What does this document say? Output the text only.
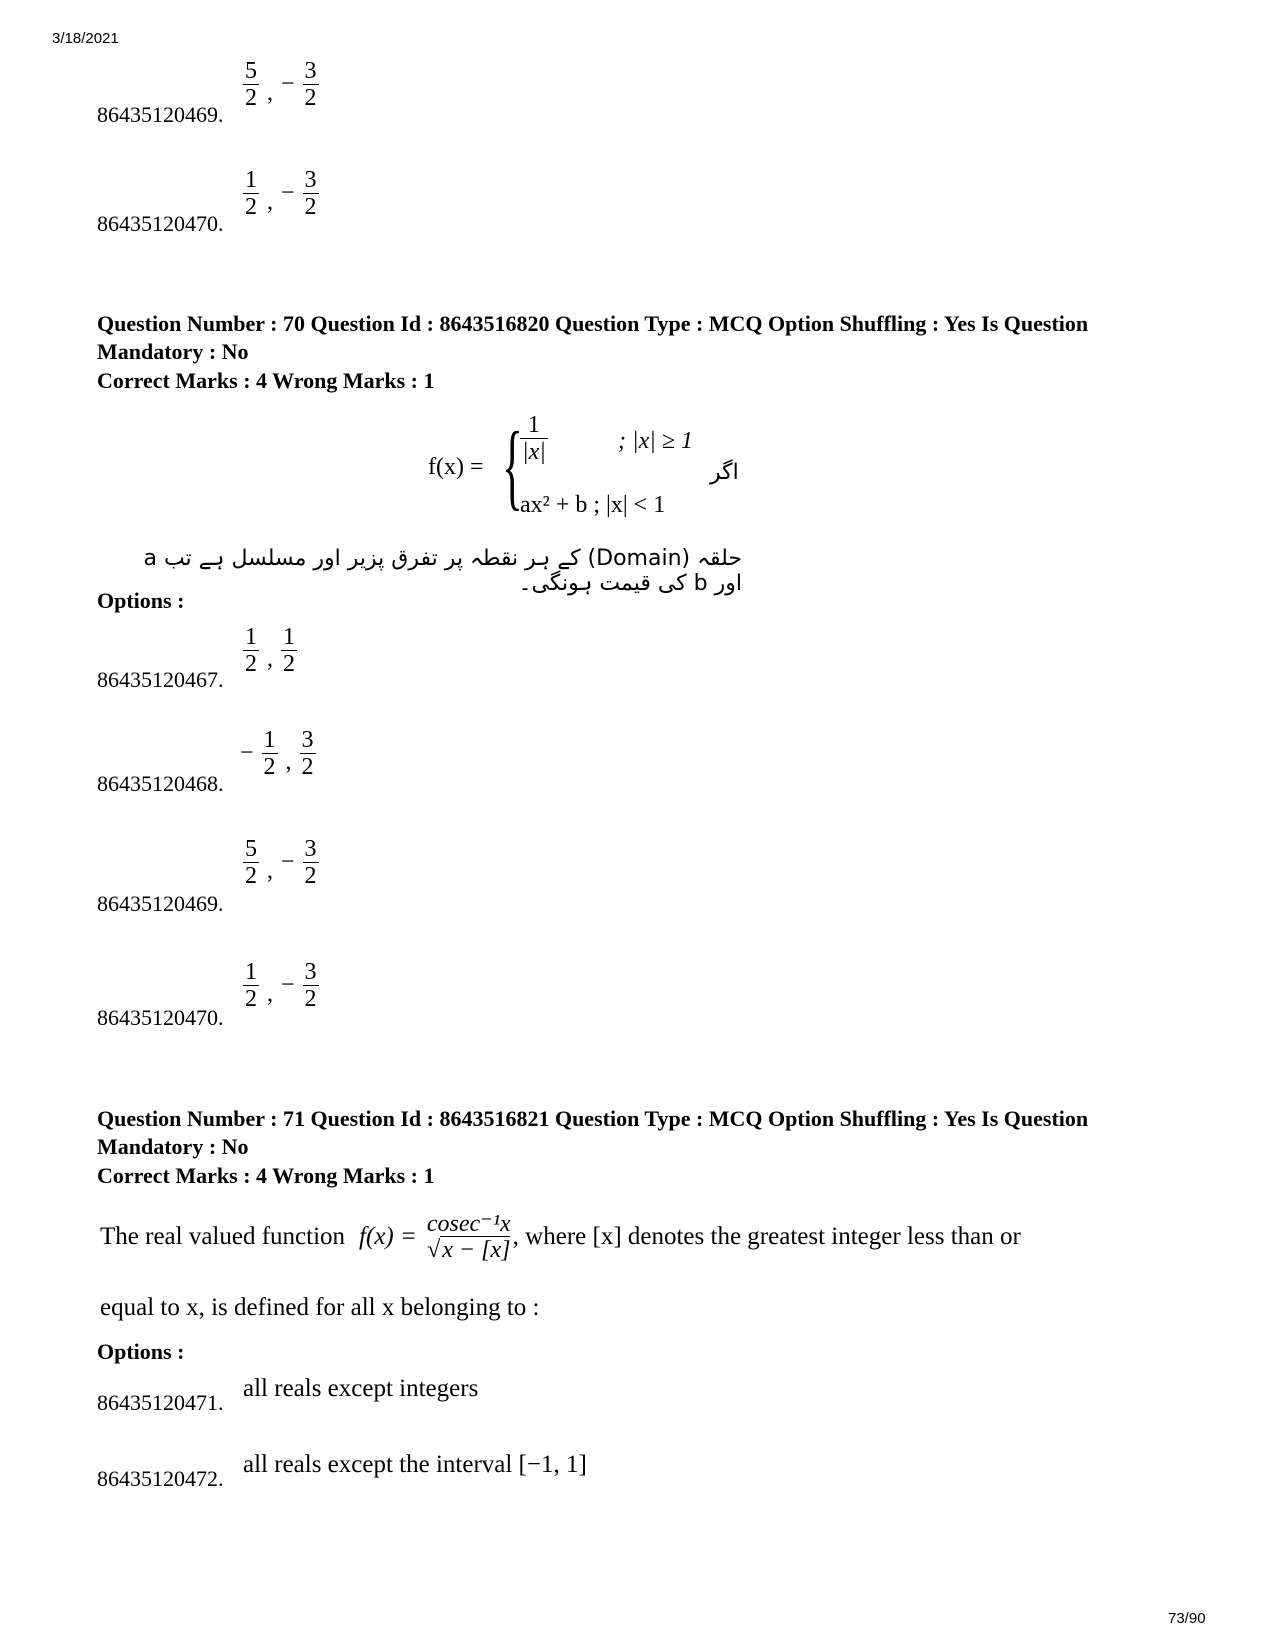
3/18/2021
73/90
86435120469.
$\frac{5}{2}$ , − $\frac{3}{2}$
86435120470.
$\frac{1}{2}$ , − $\frac{3}{2}$
Question Number : 70 Question Id : 8643516820 Question Type : MCQ Option Shuffling : Yes Is Question Mandatory : No
Correct Marks : 4 Wrong Marks : 1
f(x) = {
$\frac{1}{|x|}$	; |x| ≥ 1
ax² + b ; |x| < 1
اگر
حلقہ (Domain) کے ہر نقطہ پر تفرق پزیر اور مسلسل ہے تب a اور b کی قیمت ہونگی۔
Options :
86435120467.
$\frac{1}{2}$ , $\frac{1}{2}$
86435120468.
− $\frac{1}{2}$ , $\frac{3}{2}$
86435120469.
$\frac{5}{2}$ , − $\frac{3}{2}$
86435120470.
$\frac{1}{2}$ , − $\frac{3}{2}$
Question Number : 71 Question Id : 8643516821 Question Type : MCQ Option Shuffling : Yes Is Question Mandatory : No
Correct Marks : 4 Wrong Marks : 1
The real valued function f(x) = cosec⁻¹x
√x − [x] , where [x] denotes the greatest integer less than or
equal to x, is defined for all x belonging to :
Options :
86435120471.
all reals except integers
86435120472.
all reals except the interval [−1, 1]
